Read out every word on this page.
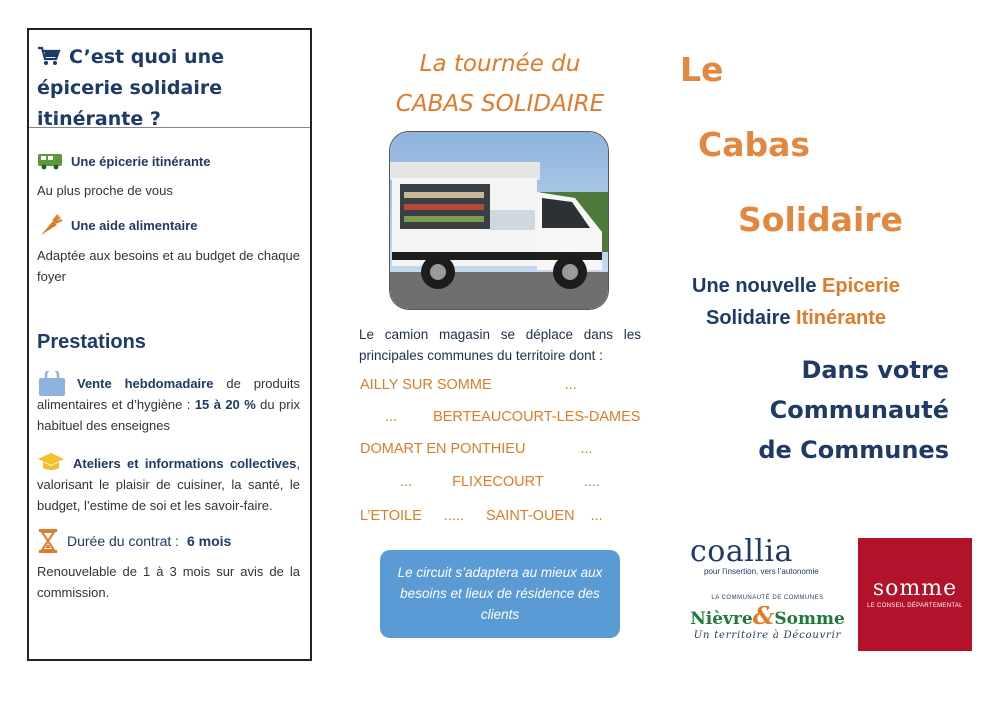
C’est quoi une épicerie solidaire itinérante ?
Une épicerie itinérante
Au plus proche de vous
Une aide alimentaire
Adaptée aux besoins et au budget de chaque foyer
Prestations
Vente hebdomadaire de produits alimentaires et d’hygiène : 15 à 20 % du prix habituel des enseignes
Ateliers et informations collectives, valorisant le plaisir de cuisiner, la santé, le budget, l’estime de soi et les savoir-faire.
Durée du contrat : 6 mois
Renouvelable de 1 à 3 mois sur avis de la commission.
La tournée du
CABAS SOLIDAIRE
Le camion magasin se déplace dans les principales communes du territoire dont :
AILLY SUR SOMME	...
... BERTEAUCOURT-LES-DAMES
DOMART EN PONTHIEU	...
...	FLIXECOURT	....
L’ETOILE ..... SAINT-OUEN ...
Le circuit s’adaptera au mieux aux besoins et lieux de résidence des clients
Le
Cabas
Solidaire
Une nouvelle Epicerie
Solidaire Itinérante
Dans votre
Communauté
de Communes
coallia
pour l’insertion, vers l’autonomie
LA COMMUNAUTÉ DE COMMUNES
Nièvre&Somme
Un territoire à Découvrir
somme
LE CONSEIL DÉPARTEMENTAL
